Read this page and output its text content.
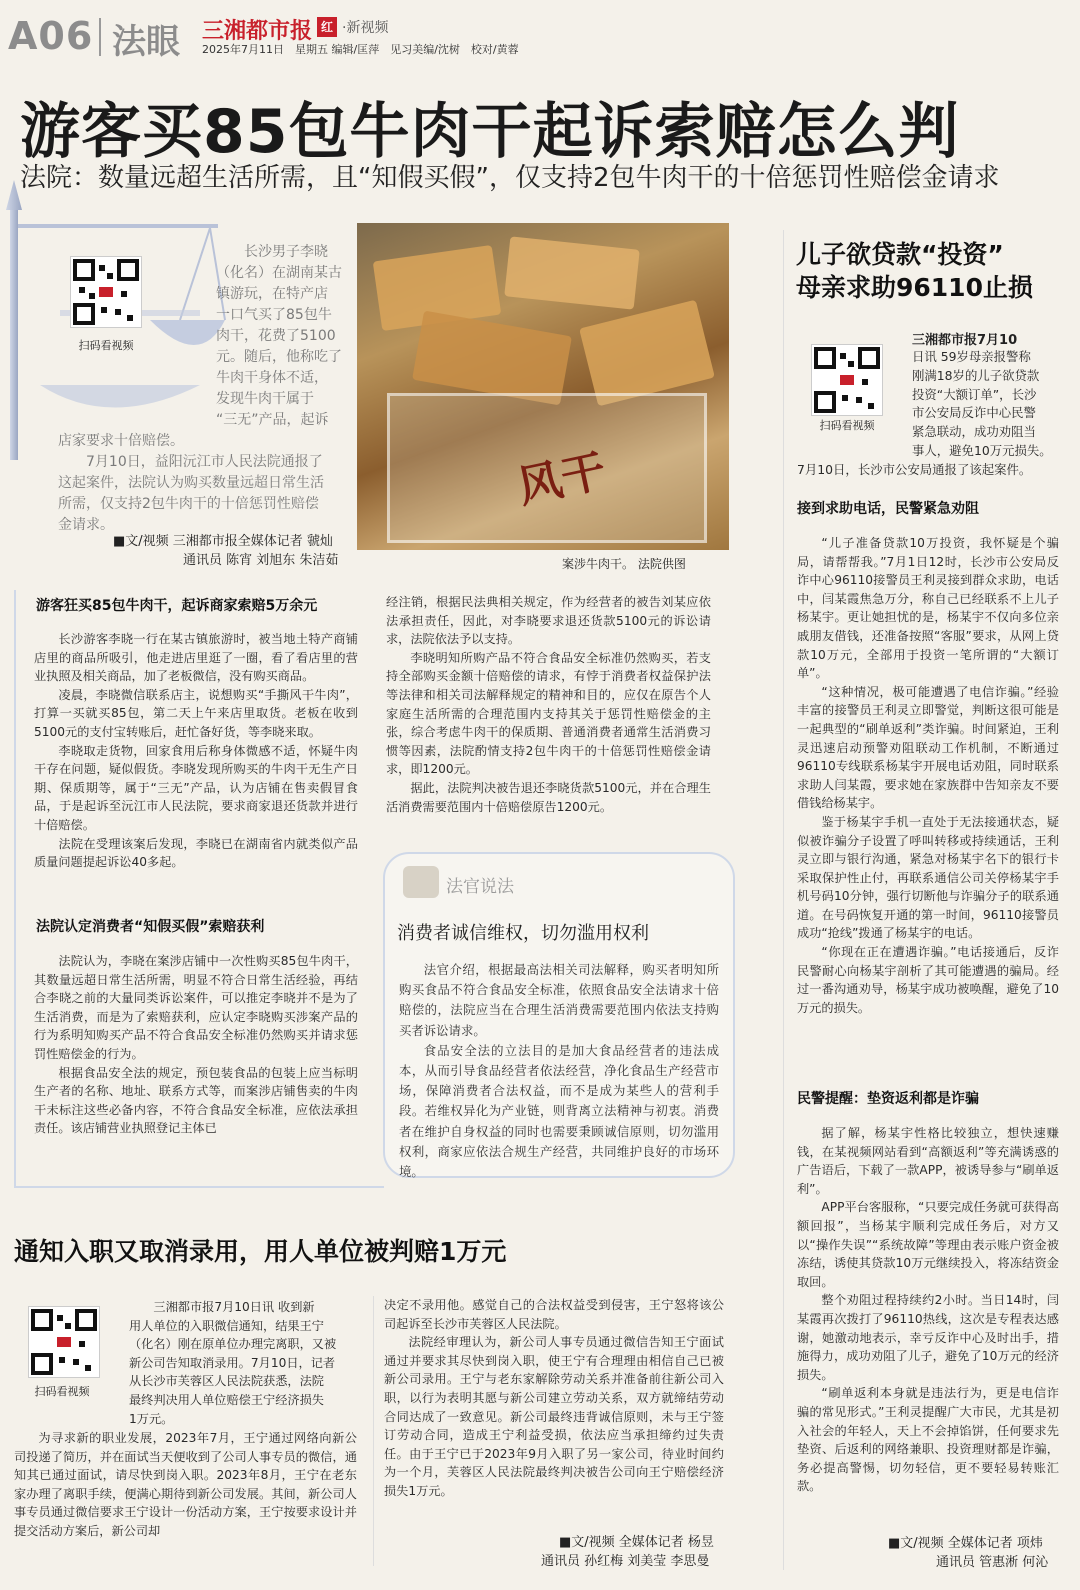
A06 法眼 三湘都市报 红 ·新视频
2025年7月11日　星期五 编辑/匡萍　见习美编/沈树　校对/黄蓉
游客买85包牛肉干起诉索赔怎么判
法院：数量远超生活所需，且“知假买假”，仅支持2包牛肉干的十倍惩罚性赔偿金请求
扫码看视频
长沙男子李晓
（化名）在湖南某古
镇游玩，在特产店
一口气买了85包牛
肉干，花费了5100
元。随后，他称吃了
牛肉干身体不适，
发现牛肉干属于
“三无”产品，起诉
店家要求十倍赔偿。
7月10日，益阳沅江市人民法院通报了
这起案件，法院认为购买数量远超日常生活
所需，仅支持2包牛肉干的十倍惩罚性赔偿
金请求。
■文/视频 三湘都市报全媒体记者 虢灿
通讯员 陈宵 刘旭东 朱洁茹
风干
案涉牛肉干。 法院供图
游客狂买85包牛肉干，起诉商家索赔5万余元

长沙游客李晓一行在某古镇旅游时，被当地土特产商铺店里的商品所吸引，他走进店里逛了一圈，看了看店里的营业执照及相关商品，加了老板微信，没有购买商品。

凌晨，李晓微信联系店主，说想购买“手撕风干牛肉”，打算一买就买85包，第二天上午来店里取货。老板在收到5100元的支付宝转账后，赶忙备好货，等李晓来取。

李晓取走货物，回家食用后称身体微感不适，怀疑牛肉干存在问题，疑似假货。李晓发现所购买的牛肉干无生产日期、保质期等，属于“三无”产品，认为店铺在售卖假冒食品，于是起诉至沅江市人民法院，要求商家退还货款并进行十倍赔偿。

法院在受理该案后发现，李晓已在湖南省内就类似产品质量问题提起诉讼40多起。

法院认定消费者“知假买假”索赔获利

法院认为，李晓在案涉店铺中一次性购买85包牛肉干，其数量远超日常生活所需，明显不符合日常生活经验，再结合李晓之前的大量同类诉讼案件，可以推定李晓并不是为了生活消费，而是为了索赔获利，应认定李晓购买涉案产品的行为系明知购买产品不符合食品安全标准仍然购买并请求惩罚性赔偿金的行为。

根据食品安全法的规定，预包装食品的包装上应当标明生产者的名称、地址、联系方式等，而案涉店铺售卖的牛肉干未标注这些必备内容，不符合食品安全标准，应依法承担责任。该店铺营业执照登记主体已

经注销，根据民法典相关规定，作为经营者的被告刘某应依法承担责任，因此，对李晓要求退还货款5100元的诉讼请求，法院依法予以支持。

李晓明知所购产品不符合食品安全标准仍然购买，若支持全部购买金额十倍赔偿的请求，有悖于消费者权益保护法等法律和相关司法解释规定的精神和目的，应仅在原告个人家庭生活所需的合理范围内支持其关于惩罚性赔偿金的主张，综合考虑牛肉干的保质期、普通消费者通常生活消费习惯等因素，法院酌情支持2包牛肉干的十倍惩罚性赔偿金请求，即1200元。

据此，法院判决被告退还李晓货款5100元，并在合理生活消费需要范围内十倍赔偿原告1200元。

法官说法
消费者诚信维权，切勿滥用权利

法官介绍，根据最高法相关司法解释，购买者明知所购买食品不符合食品安全标准，依照食品安全法请求十倍赔偿的，法院应当在合理生活消费需要范围内依法支持购买者诉讼请求。

食品安全法的立法目的是加大食品经营者的违法成本，从而引导食品经营者依法经营，净化食品生产经营市场，保障消费者合法权益，而不是成为某些人的营利手段。若维权异化为产业链，则背离立法精神与初衷。消费者在维护自身权益的同时也需要秉顾诚信原则，切勿滥用权利，商家应依法合规生产经营，共同维护良好的市场环境。

儿子欲贷款“投资”
母亲求助96110止损
扫码看视频
三湘都市报7月10
日讯 59岁母亲报警称
刚满18岁的儿子欲贷款
投资“大额订单”，长沙
市公安局反诈中心民警
紧急联动，成功劝阻当
事人，避免10万元损失。
7月10日，长沙市公安局通报了该起案件。
接到求助电话，民警紧急劝阻

“儿子准备贷款10万投资，我怀疑是个骗局，请帮帮我。”7月1日12时，长沙市公安局反诈中心96110接警员王利灵接到群众求助，电话中，闫某霞焦急万分，称自己已经联系不上儿子杨某宇。更让她担忧的是，杨某宇不仅向多位亲戚朋友借钱，还准备按照“客服”要求，从网上贷款10万元，全部用于投资一笔所谓的“大额订单”。

“这种情况，极可能遭遇了电信诈骗。”经验丰富的接警员王利灵立即警觉，判断这很可能是一起典型的“刷单返利”类诈骗。时间紧迫，王利灵迅速启动预警劝阻联动工作机制，不断通过96110专线联系杨某宇开展电话劝阻，同时联系求助人闫某霞，要求她在家族群中告知亲友不要借钱给杨某宇。

鉴于杨某宇手机一直处于无法接通状态，疑似被诈骗分子设置了呼叫转移或持续通话，王利灵立即与银行沟通，紧急对杨某宇名下的银行卡采取保护性止付，再联系通信公司关停杨某宇手机号码10分钟，强行切断他与诈骗分子的联系通道。在号码恢复开通的第一时间，96110接警员成功“抢线”拨通了杨某宇的电话。

“你现在正在遭遇诈骗。”电话接通后，反诈民警耐心向杨某宇剖析了其可能遭遇的骗局。经过一番沟通劝导，杨某宇成功被唤醒，避免了10万元的损失。

民警提醒：垫资返利都是诈骗

据了解，杨某宇性格比较独立，想快速赚钱，在某视频网站看到“高额返利”等充满诱惑的广告语后，下载了一款APP，被诱导参与“刷单返利”。

APP平台客服称，“只要完成任务就可获得高额回报”，当杨某宇顺利完成任务后，对方又以“操作失误”“系统故障”等理由表示账户资金被冻结，诱使其贷款10万元继续投入，将冻结资金取回。

整个劝阻过程持续约2小时。当日14时，闫某霞再次拨打了96110热线，这次是专程表达感谢，她激动地表示，幸亏反诈中心及时出手，措施得力，成功劝阻了儿子，避免了10万元的经济损失。

“刷单返利本身就是违法行为，更是电信诈骗的常见形式。”王利灵提醒广大市民，尤其是初入社会的年轻人，天上不会掉馅饼，任何要求先垫资、后返利的网络兼职、投资理财都是诈骗，务必提高警惕，切勿轻信，更不要轻易转账汇款。

■文/视频 全媒体记者 项炜
通讯员 管惠淅 何沁
通知入职又取消录用，用人单位被判赔1万元
扫码看视频
三湘都市报7月10日讯 收到新
用人单位的入职微信通知，结果王宁
（化名）刚在原单位办理完离职，又被
新公司告知取消录用。7月10日，记者
从长沙市芙蓉区人民法院获悉，法院
最终判决用人单位赔偿王宁经济损失
1万元。

为寻求新的职业发展，2023年7月，王宁通过网络向新公司投递了简历，并在面试当天便收到了公司人事专员的微信，通知其已通过面试，请尽快到岗入职。2023年8月，王宁在老东家办理了离职手续，便满心期待到新公司发展。其间，新公司人事专员通过微信要求王宁设计一份活动方案，王宁按要求设计并提交活动方案后，新公司却

决定不录用他。感觉自己的合法权益受到侵害，王宁怒将该公司起诉至长沙市芙蓉区人民法院。

法院经审理认为，新公司人事专员通过微信告知王宁面试通过并要求其尽快到岗入职，使王宁有合理理由相信自己已被新公司录用。王宁与老东家解除劳动关系并准备前往新公司入职，以行为表明其愿与新公司建立劳动关系，双方就缔结劳动合同达成了一致意见。新公司最终违背诚信原则，未与王宁签订劳动合同，造成王宁利益受损，依法应当承担缔约过失责任。由于王宁已于2023年9月入职了另一家公司，待业时间约为一个月，芙蓉区人民法院最终判决被告公司向王宁赔偿经济损失1万元。

■文/视频 全媒体记者 杨昱
通讯员 孙红梅 刘美莹 李思曼
